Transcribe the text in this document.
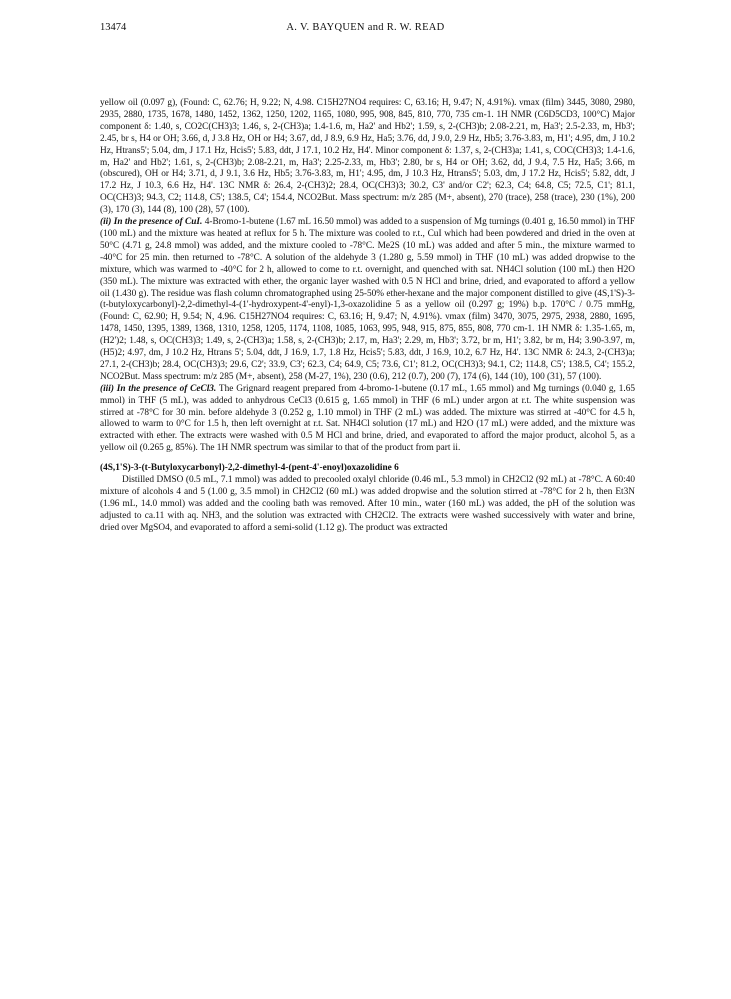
13474	A. V. BAYQUEN and R. W. READ

yellow oil (0.097 g), (Found: C, 62.76; H, 9.22; N, 4.98. C15H27NO4 requires: C, 63.16; H, 9.47; N, 4.91%). νmax (film) 3445, 3080, 2980, 2935, 2880, 1735, 1678, 1480, 1452, 1362, 1250, 1202, 1165, 1080, 995, 908, 845, 810, 770, 735 cm-1. 1H NMR (C6D5CD3, 100°C) Major component δ: 1.40, s, CO2C(CH3)3; 1.46, s, 2-(CH3)a; 1.4-1.6, m, Ha2' and Hb2'; 1.59, s, 2-(CH3)b; 2.08-2.21, m, Ha3'; 2.5-2.33, m, Hb3'; 2.45, br s, H4 or OH; 3.66, d, J 3.8 Hz, OH or H4; 3.67, dd, J 8.9, 6.9 Hz, Ha5; 3.76, dd, J 9.0, 2.9 Hz, Hb5; 3.76-3.83, m, H1'; 4.95, dm, J 10.2 Hz, Htrans5'; 5.04, dm, J 17.1 Hz, Hcis5'; 5.83, ddt, J 17.1, 10.2 Hz, H4'. Minor component δ: 1.37, s, 2-(CH3)a; 1.41, s, COC(CH3)3; 1.4-1.6, m, Ha2' and Hb2'; 1.61, s, 2-(CH3)b; 2.08-2.21, m, Ha3'; 2.25-2.33, m, Hb3'; 2.80, br s, H4 or OH; 3.62, dd, J 9.4, 7.5 Hz, Ha5; 3.66, m (obscured), OH or H4; 3.71, d, J 9.1, 3.6 Hz, Hb5; 3.76-3.83, m, H1'; 4.95, dm, J 10.3 Hz, Htrans5'; 5.03, dm, J 17.2 Hz, Hcis5'; 5.82, ddt, J 17.2 Hz, J 10.3, 6.6 Hz, H4'. 13C NMR δ: 26.4, 2-(CH3)2; 28.4, OC(CH3)3; 30.2, C3' and/or C2'; 62.3, C4; 64.8, C5; 72.5, C1'; 81.1, OC(CH3)3; 94.3, C2; 114.8, C5'; 138.5, C4'; 154.4, NCO2But. Mass spectrum: m/z 285 (M+, absent), 270 (trace), 258 (trace), 230 (1%), 200 (3), 170 (3), 144 (8), 100 (28), 57 (100).

(ii) In the presence of CuI. 4-Bromo-1-butene (1.67 mL 16.50 mmol) was added to a suspension of Mg turnings (0.401 g, 16.50 mmol) in THF (100 mL) and the mixture was heated at reflux for 5 h. The mixture was cooled to r.t., CuI which had been powdered and dried in the oven at 50°C (4.71 g, 24.8 mmol) was added, and the mixture cooled to -78°C. Me2S (10 mL) was added and after 5 min., the mixture warmed to -40°C for 25 min. then returned to -78°C. A solution of the aldehyde 3 (1.280 g, 5.59 mmol) in THF (10 mL) was added dropwise to the mixture, which was warmed to -40°C for 2 h, allowed to come to r.t. overnight, and quenched with sat. NH4Cl solution (100 mL) then H2O (350 mL). The mixture was extracted with ether, the organic layer washed with 0.5 N HCl and brine, dried, and evaporated to afford a yellow oil (1.430 g). The residue was flash column chromatographed using 25-50% ether-hexane and the major component distilled to give (4S,1'S)-3-(t-butyloxycarbonyl)-2,2-dimethyl-4-(1'-hydroxypent-4'-enyl)-1,3-oxazolidine 5 as a yellow oil (0.297 g; 19%) b.p. 170°C / 0.75 mmHg, (Found: C, 62.90; H, 9.54; N, 4.96. C15H27NO4 requires: C, 63.16; H, 9.47; N, 4.91%). νmax (film) 3470, 3075, 2975, 2938, 2880, 1695, 1478, 1450, 1395, 1389, 1368, 1310, 1258, 1205, 1174, 1108, 1085, 1063, 995, 948, 915, 875, 855, 808, 770 cm-1. 1H NMR δ: 1.35-1.65, m, (H2')2; 1.48, s, OC(CH3)3; 1.49, s, 2-(CH3)a; 1.58, s, 2-(CH3)b; 2.17, m, Ha3'; 2.29, m, Hb3'; 3.72, br m, H1'; 3.82, br m, H4; 3.90-3.97, m, (H5)2; 4.97, dm, J 10.2 Hz, Htrans 5'; 5.04, ddt, J 16.9, 1.7, 1.8 Hz, Hcis5'; 5.83, ddt, J 16.9, 10.2, 6.7 Hz, H4'. 13C NMR δ: 24.3, 2-(CH3)a; 27.1, 2-(CH3)b; 28.4, OC(CH3)3; 29.6, C2'; 33.9, C3'; 62.3, C4; 64.9, C5; 73.6, C1'; 81.2, OC(CH3)3; 94.1, C2; 114.8, C5'; 138.5, C4'; 155.2, NCO2But. Mass spectrum: m/z 285 (M+, absent), 258 (M-27, 1%), 230 (0.6), 212 (0.7), 200 (7), 174 (6), 144 (10), 100 (31), 57 (100).

(iii) In the presence of CeCl3. The Grignard reagent prepared from 4-bromo-1-butene (0.17 mL, 1.65 mmol) and Mg turnings (0.040 g, 1.65 mmol) in THF (5 mL), was added to anhydrous CeCl3 (0.615 g, 1.65 mmol) in THF (6 mL) under argon at r.t. The white suspension was stirred at -78°C for 30 min. before aldehyde 3 (0.252 g, 1.10 mmol) in THF (2 mL) was added. The mixture was stirred at -40°C for 4.5 h, allowed to warm to 0°C for 1.5 h, then left overnight at r.t. Sat. NH4Cl solution (17 mL) and H2O (17 mL) were added, and the mixture was extracted with ether. The extracts were washed with 0.5 M HCl and brine, dried, and evaporated to afford the major product, alcohol 5, as a yellow oil (0.265 g, 85%). The 1H NMR spectrum was similar to that of the product from part ii.

(4S,1'S)-3-(t-Butyloxycarbonyl)-2,2-dimethyl-4-(pent-4'-enoyl)oxazolidine 6

Distilled DMSO (0.5 mL, 7.1 mmol) was added to precooled oxalyl chloride (0.46 mL, 5.3 mmol) in CH2Cl2 (92 mL) at -78°C. A 60:40 mixture of alcohols 4 and 5 (1.00 g, 3.5 mmol) in CH2Cl2 (60 mL) was added dropwise and the solution stirred at -78°C for 2 h, then Et3N (1.96 mL, 14.0 mmol) was added and the cooling bath was removed. After 10 min., water (160 mL) was added, the pH of the solution was adjusted to ca.11 with aq. NH3, and the solution was extracted with CH2Cl2. The extracts were washed successively with water and brine, dried over MgSO4, and evaporated to afford a semi-solid (1.12 g). The product was extracted
